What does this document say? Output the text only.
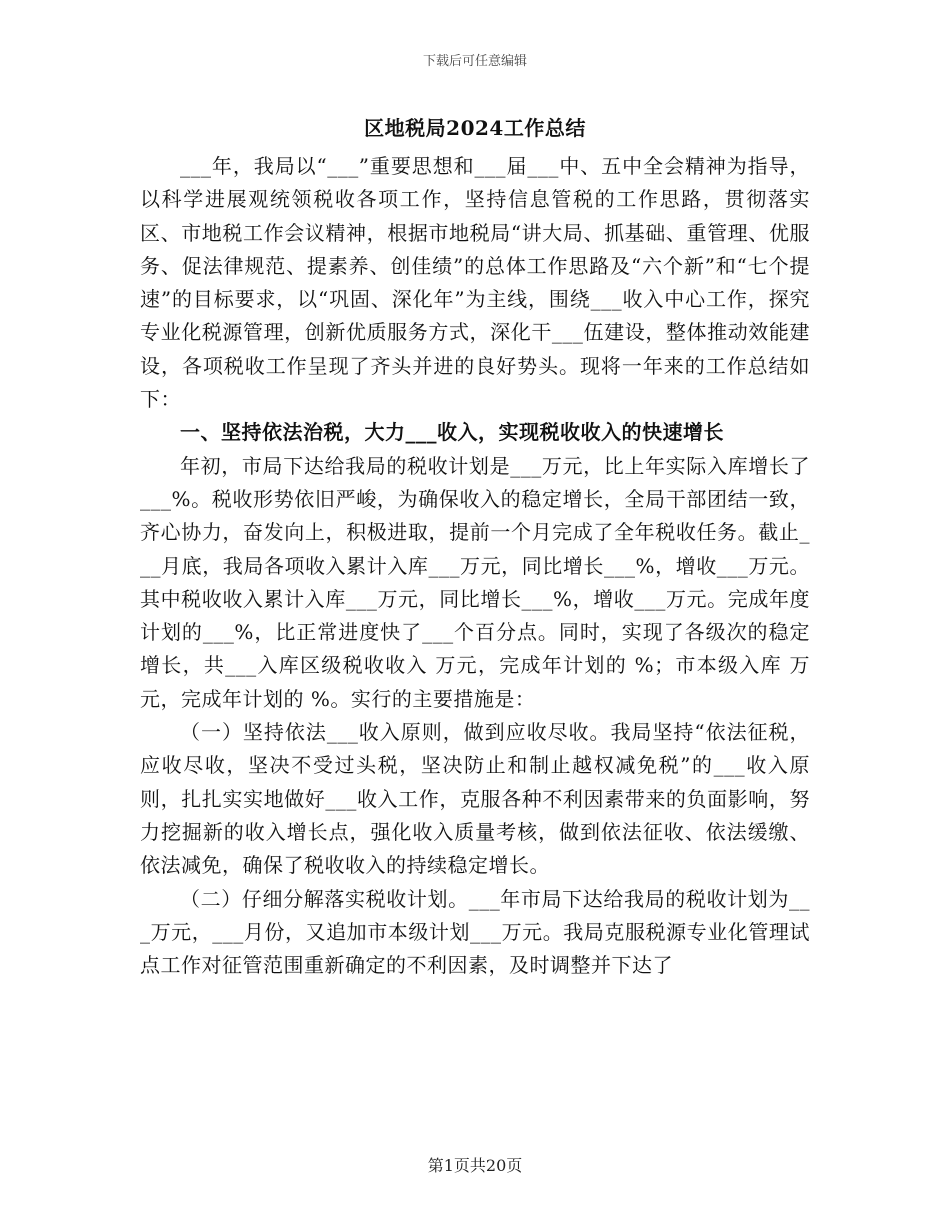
下载后可任意编辑
区地税局2024工作总结

___年，我局以“___”重要思想和___届___中、五中全会精神为指导，以科学进展观统领税收各项工作，坚持信息管税的工作思路，贯彻落实区、市地税工作会议精神，根据市地税局“讲大局、抓基础、重管理、优服务、促法律规范、提素养、创佳绩”的总体工作思路及“六个新”和“七个提速”的目标要求，以“巩固、深化年”为主线，围绕___收入中心工作，探究专业化税源管理，创新优质服务方式，深化干___伍建设，整体推动效能建设，各项税收工作呈现了齐头并进的良好势头。现将一年来的工作总结如下：

一、坚持依法治税，大力___收入，实现税收收入的快速增长

年初，市局下达给我局的税收计划是___万元，比上年实际入库增长了___%。税收形势依旧严峻，为确保收入的稳定增长，全局干部团结一致，齐心协力，奋发向上，积极进取，提前一个月完成了全年税收任务。截止___月底，我局各项收入累计入库___万元，同比增长___%，增收___万元。其中税收收入累计入库___万元，同比增长___%，增收___万元。完成年度计划的___%，比正常进度快了___个百分点。同时，实现了各级次的稳定增长，共___入库区级税收收入 万元，完成年计划的 %；市本级入库 万元，完成年计划的 %。实行的主要措施是：

（一）坚持依法___收入原则，做到应收尽收。我局坚持“依法征税，应收尽收，坚决不受过头税，坚决防止和制止越权减免税”的___收入原则，扎扎实实地做好___收入工作，克服各种不利因素带来的负面影响，努力挖掘新的收入增长点，强化收入质量考核，做到依法征收、依法缓缴、依法减免，确保了税收收入的持续稳定增长。

（二）仔细分解落实税收计划。___年市局下达给我局的税收计划为___万元，___月份，又追加市本级计划___万元。我局克服税源专业化管理试点工作对征管范围重新确定的不利因素，及时调整并下达了

第1页共20页
